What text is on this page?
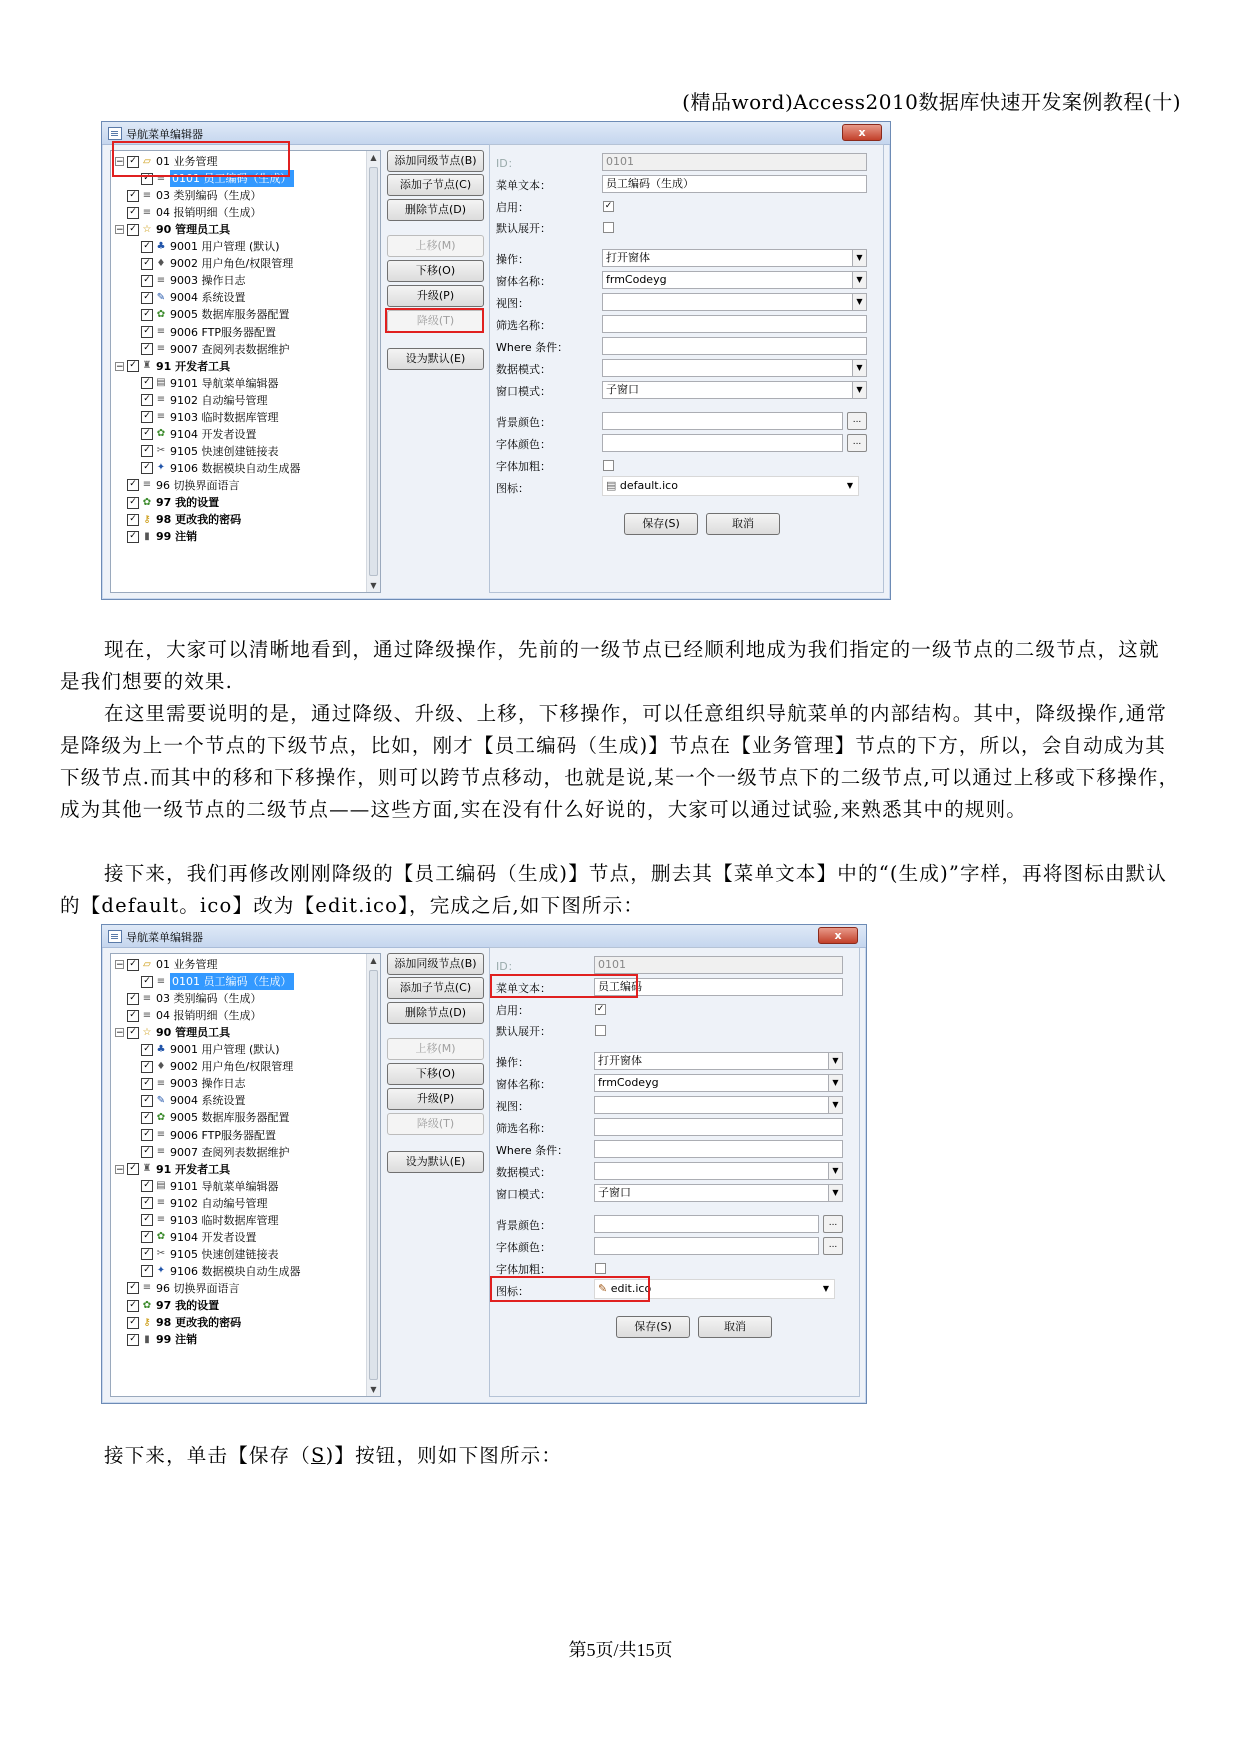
(精品word)Access2010数据库快速开发案例教程(十)
导航菜单编辑器	x
▲
▼
− ✓ ▱ 01 业务管理
✓ ≡ 0101 员工编码（生成）
✓ ≡ 03 类别编码（生成）
✓ ≡ 04 报销明细（生成）
− ✓ ☆ 90 管理员工具
✓ ♣ 9001 用户管理 (默认)
✓ ♦ 9002 用户角色/权限管理
✓ ≡ 9003 操作日志
✓ ✎ 9004 系统设置
✓ ✿ 9005 数据库服务器配置
✓ ≡ 9006 FTP服务器配置
✓ ≡ 9007 查阅列表数据维护
− ✓ ♜ 91 开发者工具
✓ ▤ 9101 导航菜单编辑器
✓ ≡ 9102 自动编号管理
✓ ≡ 9103 临时数据库管理
✓ ✿ 9104 开发者设置
✓ ✂ 9105 快速创建链接表
✓ ✦ 9106 数据模块自动生成器
✓ ≡ 96 切换界面语言
✓ ✿ 97 我的设置
✓ ⚷ 98 更改我的密码
✓ ▮ 99 注销
添加同级节点(B)
添加子节点(C)
删除节点(D)
上移(M)
下移(O)
升级(P)
降级(T)
设为默认(E)
ID：	0101
菜单文本：	员工编码（生成）
启用：	✓
默认展开：
操作：	打开窗体	▼
窗体名称：	frmCodeyg	▼
视图：	▼
筛选名称：
Where 条件：
数据模式：	▼
窗口模式：	子窗口	▼
背景颜色：	...
字体颜色：	...
字体加粗：
图标：	▤ default.ico	▼
保存(S)	取消
导航菜单编辑器	x
▲
▼
− ✓ ▱ 01 业务管理
✓ ≡ 0101 员工编码（生成）
✓ ≡ 03 类别编码（生成）
✓ ≡ 04 报销明细（生成）
− ✓ ☆ 90 管理员工具
✓ ♣ 9001 用户管理 (默认)
✓ ♦ 9002 用户角色/权限管理
✓ ≡ 9003 操作日志
✓ ✎ 9004 系统设置
✓ ✿ 9005 数据库服务器配置
✓ ≡ 9006 FTP服务器配置
✓ ≡ 9007 查阅列表数据维护
− ✓ ♜ 91 开发者工具
✓ ▤ 9101 导航菜单编辑器
✓ ≡ 9102 自动编号管理
✓ ≡ 9103 临时数据库管理
✓ ✿ 9104 开发者设置
✓ ✂ 9105 快速创建链接表
✓ ✦ 9106 数据模块自动生成器
✓ ≡ 96 切换界面语言
✓ ✿ 97 我的设置
✓ ⚷ 98 更改我的密码
✓ ▮ 99 注销
添加同级节点(B)
添加子节点(C)
删除节点(D)
上移(M)
下移(O)
升级(P)
降级(T)
设为默认(E)
ID：	0101
菜单文本：	员工编码
启用：	✓
默认展开：
操作：	打开窗体	▼
窗体名称：	frmCodeyg	▼
视图：	▼
筛选名称：
Where 条件：
数据模式：	▼
窗口模式：	子窗口	▼
背景颜色：	...
字体颜色：	...
字体加粗：
图标：	✎ edit.ico	▼
保存(S)	取消
现在，大家可以清晰地看到，通过降级操作，先前的一级节点已经顺利地成为我们指定的一级节点的二级节点，这就是我们想要的效果.
在这里需要说明的是，通过降级、升级、上移，下移操作，可以任意组织导航菜单的内部结构。其中，降级操作,通常是降级为上一个节点的下级节点，比如，刚才【员工编码（生成)】节点在【业务管理】节点的下方，所以，会自动成为其下级节点.而其中的移和下移操作，则可以跨节点移动，也就是说,某一个一级节点下的二级节点,可以通过上移或下移操作，成为其他一级节点的二级节点——这些方面,实在没有什么好说的，大家可以通过试验,来熟悉其中的规则。
接下来，我们再修改刚刚降级的【员工编码（生成)】节点，删去其【菜单文本】中的“(生成)”字样，再将图标由默认的【default。ico】改为【edit.ico】，完成之后,如下图所示：
接下来，单击【保存（S)】按钮，则如下图所示：
第5页/共15页
